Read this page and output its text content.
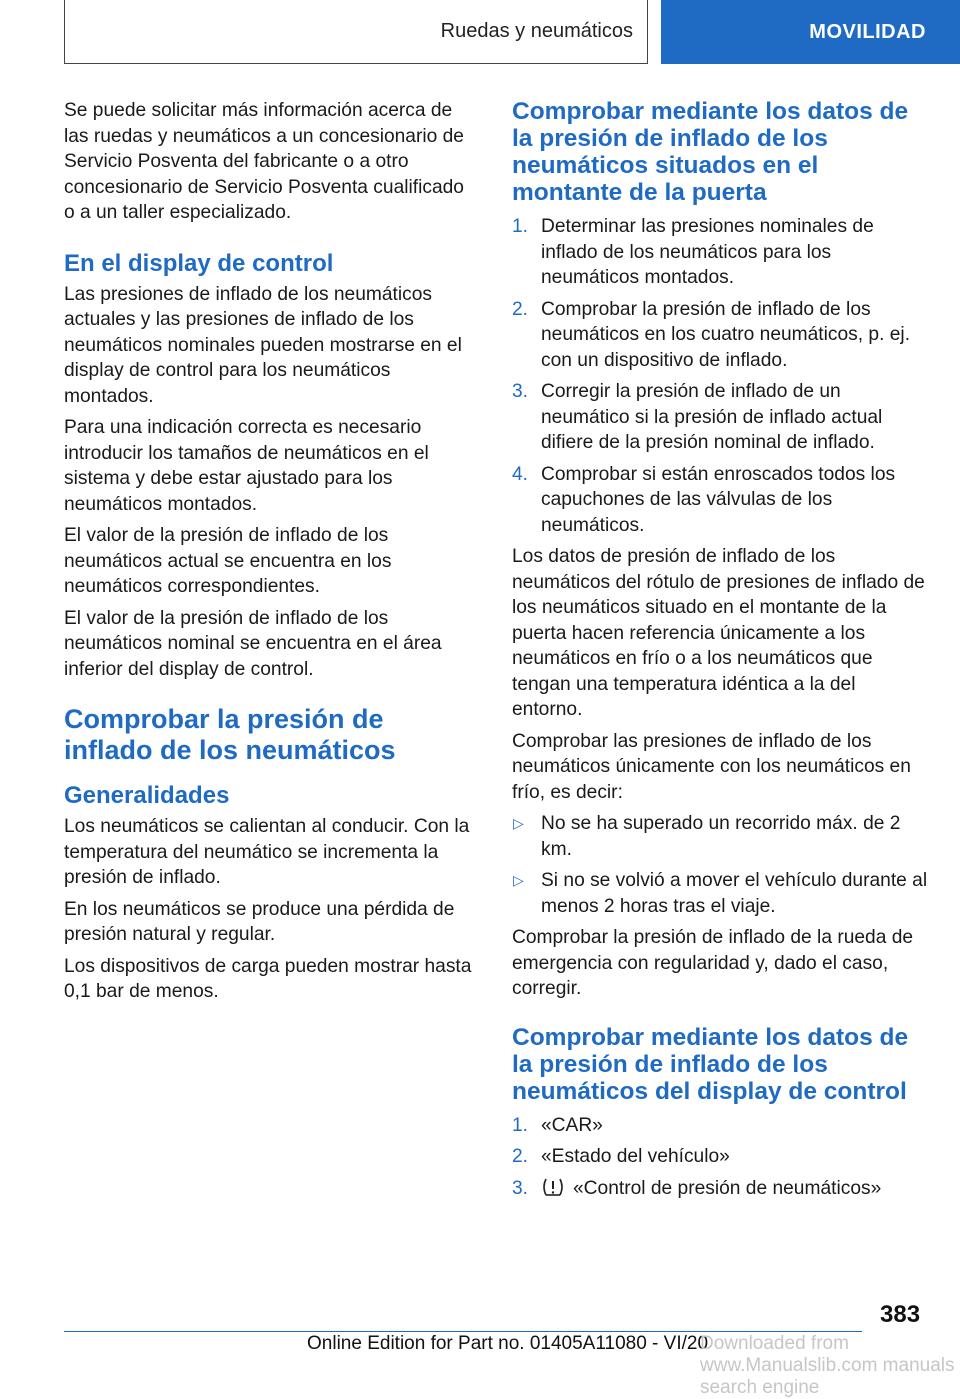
Ruedas y neumáticos	MOVILIDAD

Se puede solicitar más información acerca de las ruedas y neumáticos a un concesionario de Servicio Posventa del fabricante o a otro concesionario de Servicio Posventa cualificado o a un taller especializado.

En el display de control

Las presiones de inflado de los neumáticos actuales y las presiones de inflado de los neumáticos nominales pueden mostrarse en el display de control para los neumáticos montados.

Para una indicación correcta es necesario introducir los tamaños de neumáticos en el sistema y debe estar ajustado para los neumáticos montados.

El valor de la presión de inflado de los neumáticos actual se encuentra en los neumáticos correspondientes.

El valor de la presión de inflado de los neumáticos nominal se encuentra en el área inferior del display de control.

Comprobar la presión de inflado de los neumáticos
Generalidades

Los neumáticos se calientan al conducir. Con la temperatura del neumático se incrementa la presión de inflado.

En los neumáticos se produce una pérdida de presión natural y regular.

Los dispositivos de carga pueden mostrar hasta 0,1 bar de menos.

Comprobar mediante los datos de la presión de inflado de los neumáticos situados en el montante de la puerta
1. Determinar las presiones nominales de inflado de los neumáticos para los neumáticos montados.
2. Comprobar la presión de inflado de los neumáticos en los cuatro neumáticos, p. ej. con un dispositivo de inflado.
3. Corregir la presión de inflado de un neumático si la presión de inflado actual difiere de la presión nominal de inflado.
4. Comprobar si están enroscados todos los capuchones de las válvulas de los neumáticos.

Los datos de presión de inflado de los neumáticos del rótulo de presiones de inflado de los neumáticos situado en el montante de la puerta hacen referencia únicamente a los neumáticos en frío o a los neumáticos que tengan una temperatura idéntica a la del entorno.

Comprobar las presiones de inflado de los neumáticos únicamente con los neumáticos en frío, es decir:

▷ No se ha superado un recorrido máx. de 2 km.
▷ Si no se volvió a mover el vehículo durante al menos 2 horas tras el viaje.

Comprobar la presión de inflado de la rueda de emergencia con regularidad y, dado el caso, corregir.

Comprobar mediante los datos de la presión de inflado de los neumáticos del display de control
1. «CAR»
2. «Estado del vehículo»
3. «Control de presión de neumáticos»
383
Online Edition for Part no. 01405A11080 - VI/20
Downloaded from www.Manualslib.com manuals search engine
